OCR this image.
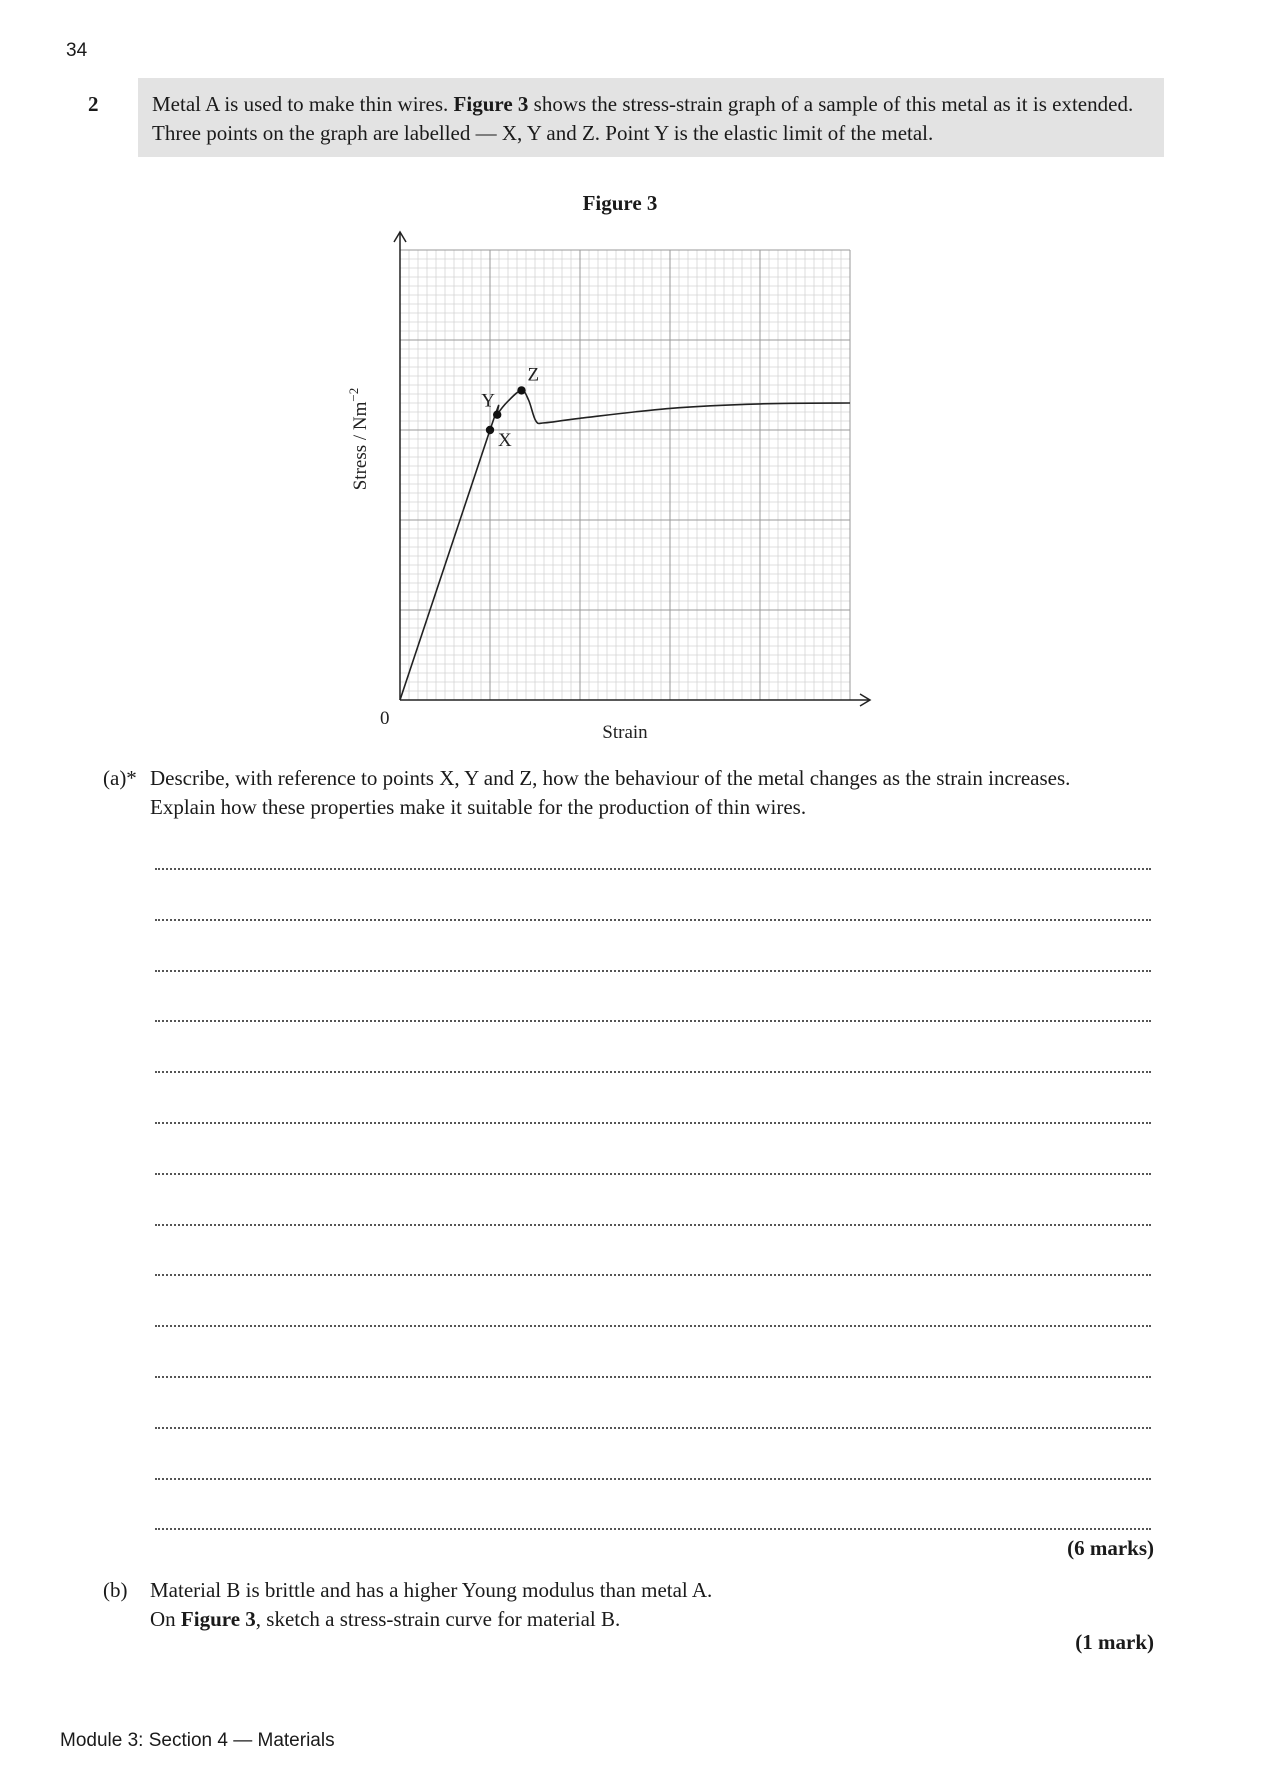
34
2	Metal A is used to make thin wires. Figure 3 shows the stress-strain graph of a sample of this metal as it is extended. Three points on the graph are labelled — X, Y and Z. Point Y is the elastic limit of the metal.
Figure 3
X
Y
Z
0
Strain
Stress / $Nm^{-2}$
(a)* Describe, with reference to points X, Y and Z, how the behaviour of the metal changes as the strain increases. Explain how these properties make it suitable for the production of thin wires.
(6 marks)
(b) Material B is brittle and has a higher Young modulus than metal A.
On Figure 3, sketch a stress-strain curve for material B.
(1 mark)
Module 3: Section 4 — Materials
